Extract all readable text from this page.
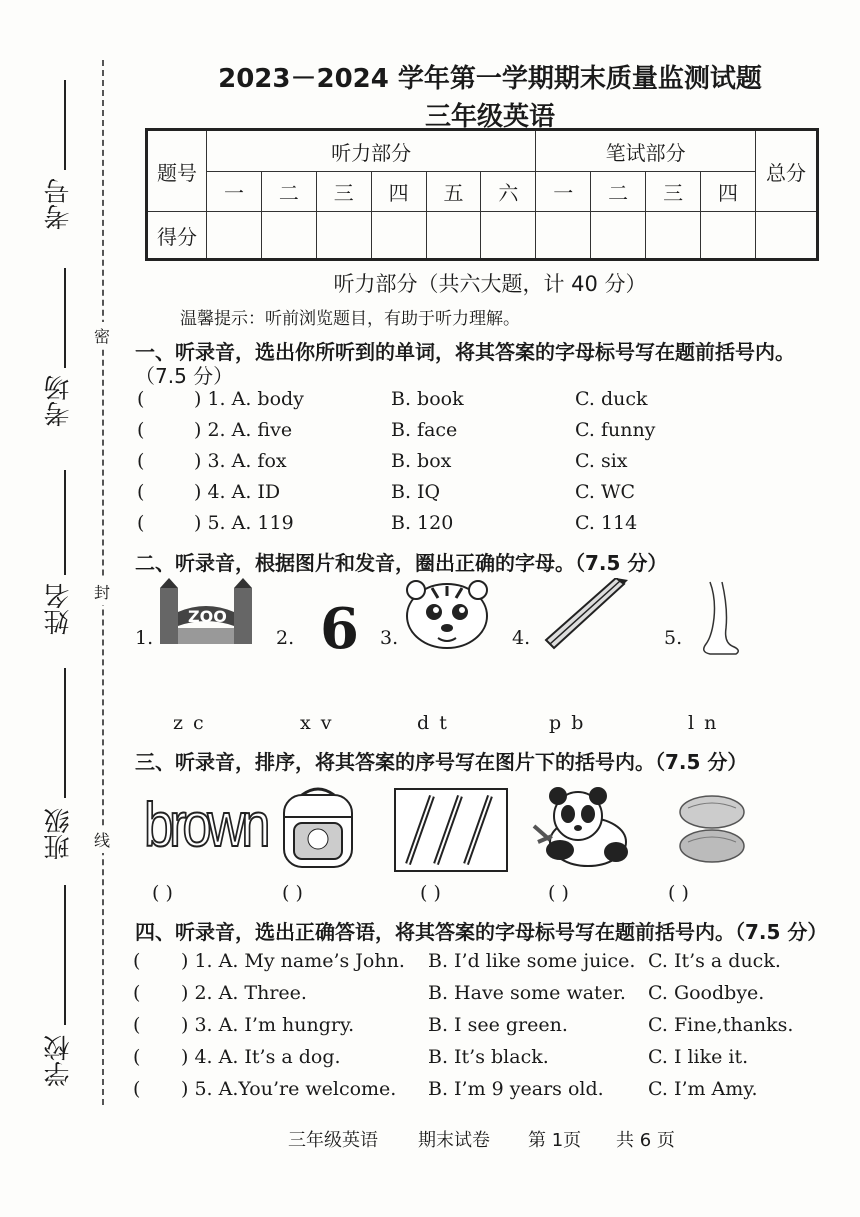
考号
考场
姓名
班级
学校
密
封
线
2023－2024 学年第一学期期末质量监测试题
三年级英语
题号	听力部分						笔试部分				总分
	一	二	三	四	五	六	一	二	三	四	
得分											
听力部分（共六大题，计 40 分）
温馨提示：听前浏览题目，有助于听力理解。
一、听录音，选出你所听到的单词，将其答案的字母标号写在题前括号内。
（7.5 分）
(	) 1. A. body	B. book	C. duck
(	) 2. A. five	B. face	C. funny
(	) 3. A. fox	B. box	C. six
(	) 4. A. ID	B. IQ	C. WC
(	) 5. A. 119	B. 120	C. 114
二、听录音，根据图片和发音，圈出正确的字母。（7.5 分）
1.
ZOO
2. 6 3.	4.	5.
z c	x v	d t	p b	l n
三、听录音，排序，将其答案的序号写在图片下的括号内。（7.5 分）
brown
( )	( )	( )	( )	( )
四、听录音，选出正确答语，将其答案的字母标号写在题前括号内。（7.5 分）
( ) 1. A. My name’s John. B. I’d like some juice. C. It’s a duck.
( ) 2. A. Three.	B. Have some water. C. Goodbye.
( ) 3. A. I’m hungry.	B. I see green.	C. Fine,thanks.
( ) 4. A. It’s a dog.	B. It’s black.	C. I like it.
( ) 5. A.You’re welcome. B. I’m 9 years old. C. I’m Amy.
三年级英语 期末试卷 第 1页 共 6 页
